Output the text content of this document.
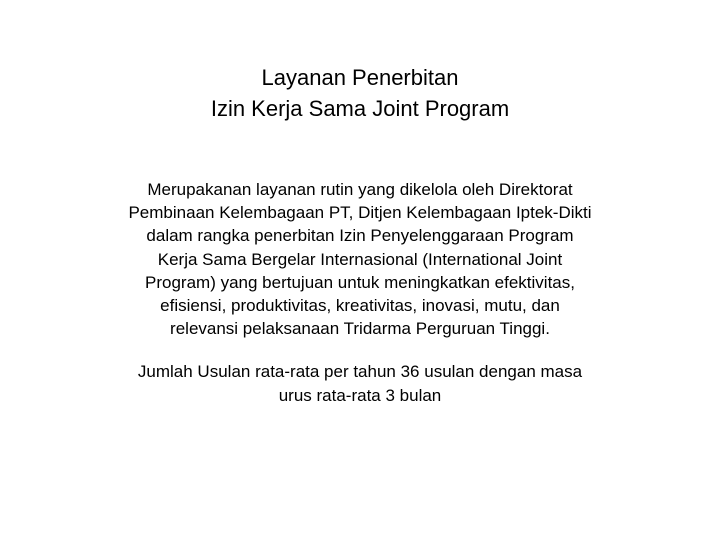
Layanan Penerbitan
Izin Kerja Sama Joint Program

Merupakanan layanan rutin yang dikelola oleh Direktorat
Pembinaan Kelembagaan PT, Ditjen Kelembagaan Iptek-Dikti
dalam rangka penerbitan Izin Penyelenggaraan Program
Kerja Sama Bergelar Internasional (International Joint
Program) yang bertujuan untuk meningkatkan efektivitas,
efisiensi, produktivitas, kreativitas, inovasi, mutu, dan
relevansi pelaksanaan Tridarma Perguruan Tinggi.

Jumlah Usulan rata-rata per tahun 36 usulan dengan masa
urus rata-rata 3 bulan
